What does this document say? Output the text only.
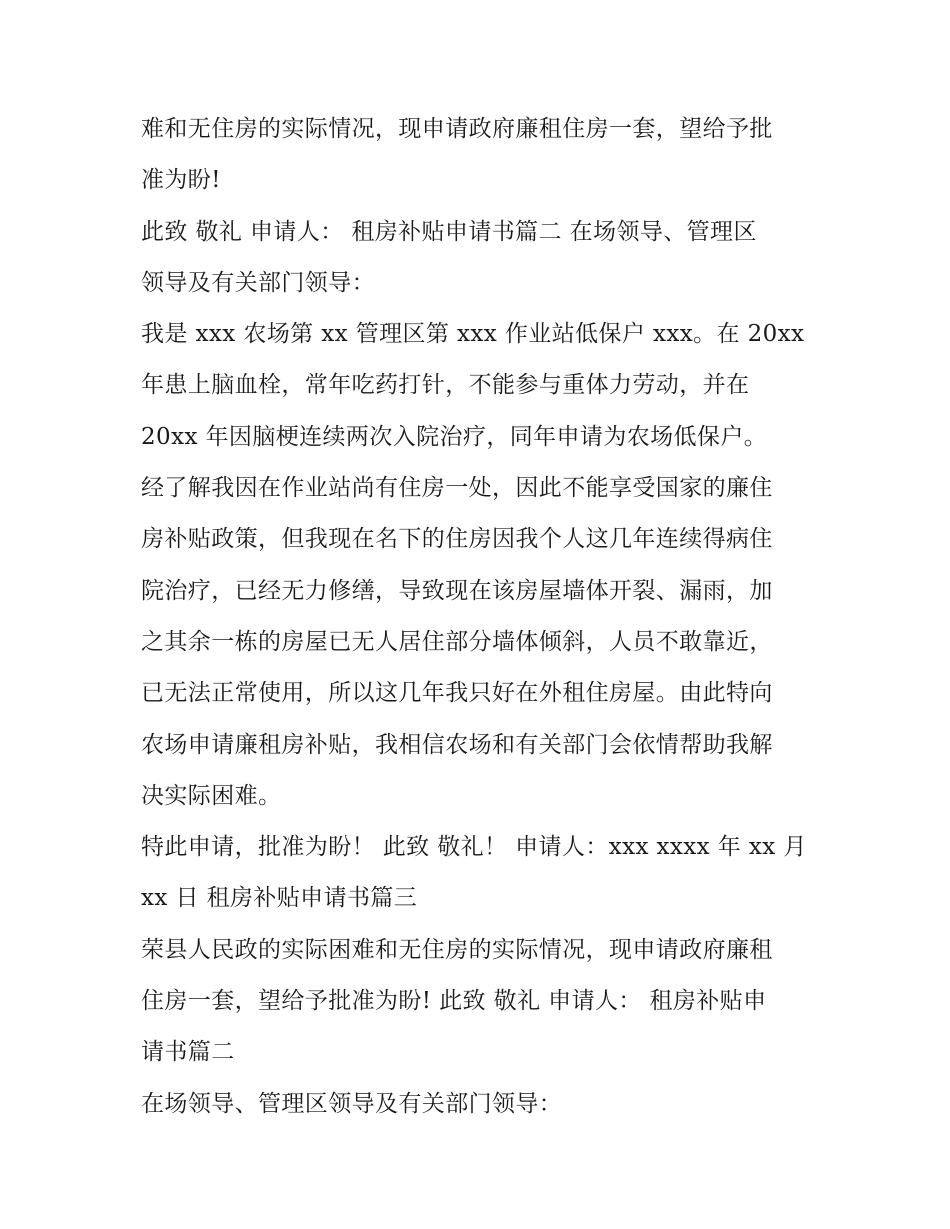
难和无住房的实际情况，现申请政府廉租住房一套，望给予批
准为盼!
此致 敬礼 申请人： 租房补贴申请书篇二 在场领导、管理区
领导及有关部门领导：
我是 xxx 农场第 xx 管理区第 xxx 作业站低保户 xxx。在 20xx
年患上脑血栓，常年吃药打针，不能参与重体力劳动，并在
20xx 年因脑梗连续两次入院治疗，同年申请为农场低保户。
经了解我因在作业站尚有住房一处，因此不能享受国家的廉住
房补贴政策，但我现在名下的住房因我个人这几年连续得病住
院治疗，已经无力修缮，导致现在该房屋墙体开裂、漏雨，加
之其余一栋的房屋已无人居住部分墙体倾斜，人员不敢靠近，
已无法正常使用，所以这几年我只好在外租住房屋。由此特向
农场申请廉租房补贴，我相信农场和有关部门会依情帮助我解
决实际困难。
特此申请，批准为盼！ 此致 敬礼！ 申请人：xxx xxxx 年 xx 月
xx 日 租房补贴申请书篇三
荣县人民政的实际困难和无住房的实际情况，现申请政府廉租
住房一套，望给予批准为盼! 此致 敬礼 申请人： 租房补贴申
请书篇二
在场领导、管理区领导及有关部门领导：
